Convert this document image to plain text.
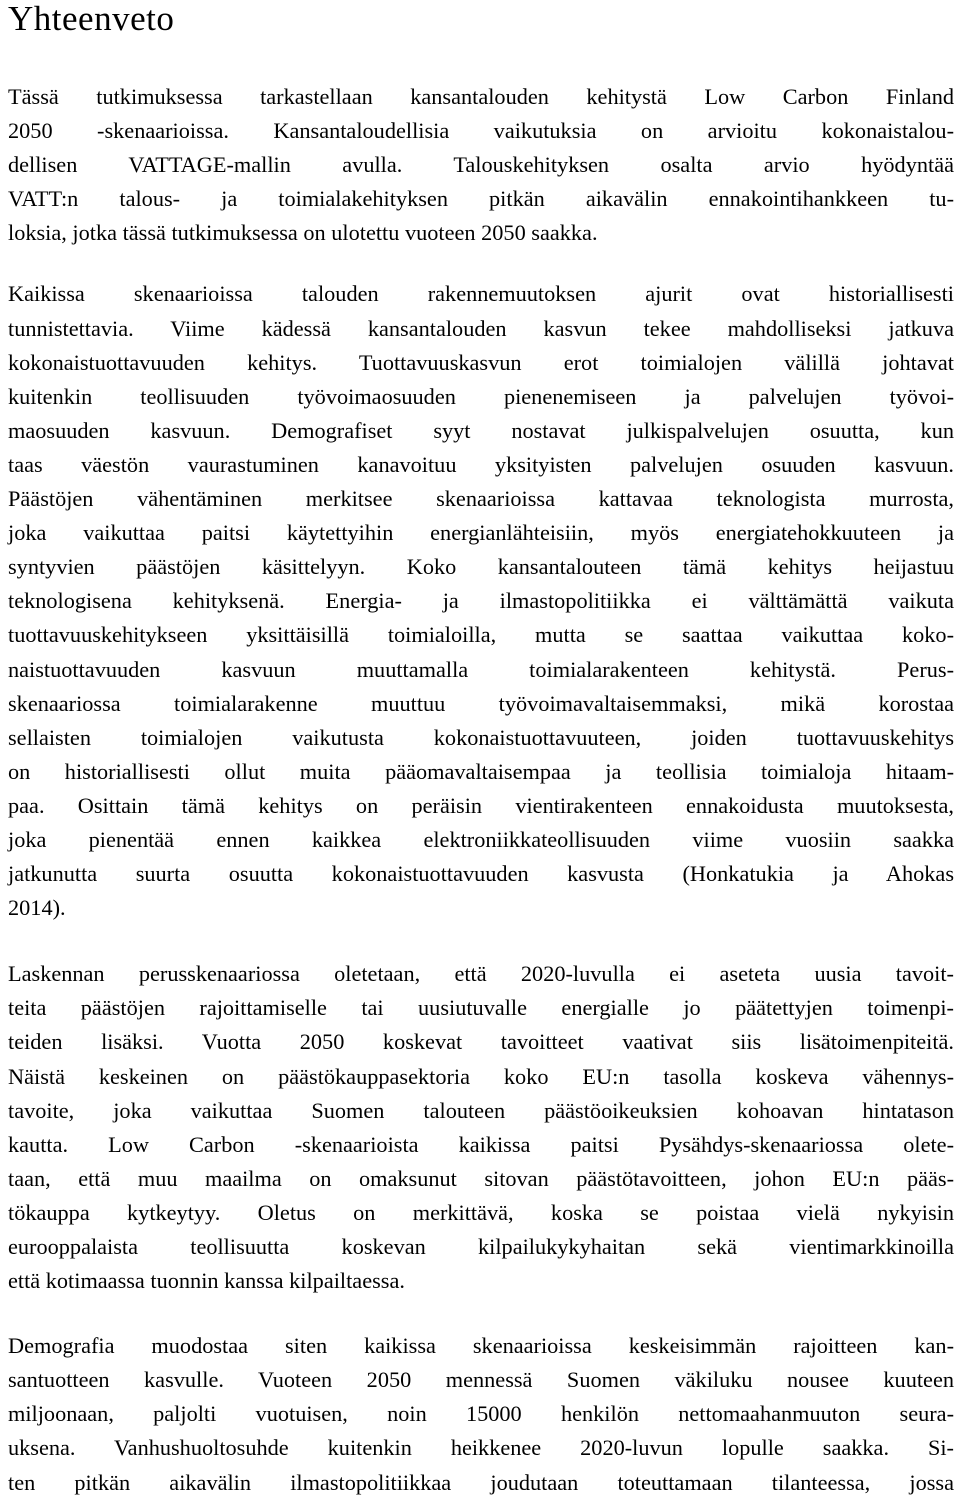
Yhteenveto
Tässä tutkimuksessa tarkastellaan kansantalouden kehitystä Low Carbon Finland
2050 -skenaarioissa. Kansantaloudellisia vaikutuksia on arvioitu kokonaistalou-
dellisen VATTAGE-mallin avulla. Talouskehityksen osalta arvio hyödyntää
VATT:n talous- ja toimialakehityksen pitkän aikavälin ennakointihankkeen tu-
loksia, jotka tässä tutkimuksessa on ulotettu vuoteen 2050 saakka.
Kaikissa skenaarioissa talouden rakennemuutoksen ajurit ovat historiallisesti
tunnistettavia. Viime kädessä kansantalouden kasvun tekee mahdolliseksi jatkuva
kokonaistuottavuuden kehitys. Tuottavuuskasvun erot toimialojen välillä johtavat
kuitenkin teollisuuden työvoimaosuuden pienenemiseen ja palvelujen työvoi-
maosuuden kasvuun. Demografiset syyt nostavat julkispalvelujen osuutta, kun
taas väestön vaurastuminen kanavoituu yksityisten palvelujen osuuden kasvuun.
Päästöjen vähentäminen merkitsee skenaarioissa kattavaa teknologista murrosta,
joka vaikuttaa paitsi käytettyihin energianlähteisiin, myös energiatehokkuuteen ja
syntyvien päästöjen käsittelyyn. Koko kansantalouteen tämä kehitys heijastuu
teknologisena kehityksenä. Energia- ja ilmastopolitiikka ei välttämättä vaikuta
tuottavuuskehitykseen yksittäisillä toimialoilla, mutta se saattaa vaikuttaa koko-
naistuottavuuden kasvuun muuttamalla toimialarakenteen kehitystä. Perus-
skenaariossa toimialarakenne muuttuu työvoimavaltaisemmaksi, mikä korostaa
sellaisten toimialojen vaikutusta kokonaistuottavuuteen, joiden tuottavuuskehitys
on historiallisesti ollut muita pääomavaltaisempaa ja teollisia toimialoja hitaam-
paa. Osittain tämä kehitys on peräisin vientirakenteen ennakoidusta muutoksesta,
joka pienentää ennen kaikkea elektroniikkateollisuuden viime vuosiin saakka
jatkunutta suurta osuutta kokonaistuottavuuden kasvusta (Honkatukia ja Ahokas
2014).
Laskennan perusskenaariossa oletetaan, että 2020-luvulla ei aseteta uusia tavoit-
teita päästöjen rajoittamiselle tai uusiutuvalle energialle jo päätettyjen toimenpi-
teiden lisäksi. Vuotta 2050 koskevat tavoitteet vaativat siis lisätoimenpiteitä.
Näistä keskeinen on päästökauppasektoria koko EU:n tasolla koskeva vähennys-
tavoite, joka vaikuttaa Suomen talouteen päästöoikeuksien kohoavan hintatason
kautta. Low Carbon -skenaarioista kaikissa paitsi Pysähdys-skenaariossa olete-
taan, että muu maailma on omaksunut sitovan päästötavoitteen, johon EU:n pääs-
tökauppa kytkeytyy. Oletus on merkittävä, koska se poistaa vielä nykyisin
eurooppalaista teollisuutta koskevan kilpailukykyhaitan sekä vientimarkkinoilla
että kotimaassa tuonnin kanssa kilpailtaessa.
Demografia muodostaa siten kaikissa skenaarioissa keskeisimmän rajoitteen kan-
santuotteen kasvulle. Vuoteen 2050 mennessä Suomen väkiluku nousee kuuteen
miljoonaan, paljolti vuotuisen, noin 15000 henkilön nettomaahanmuuton seura-
uksena. Vanhushuoltosuhde kuitenkin heikkenee 2020-luvun lopulle saakka. Si-
ten pitkän aikavälin ilmastopolitiikkaa joudutaan toteuttamaan tilanteessa, jossa
